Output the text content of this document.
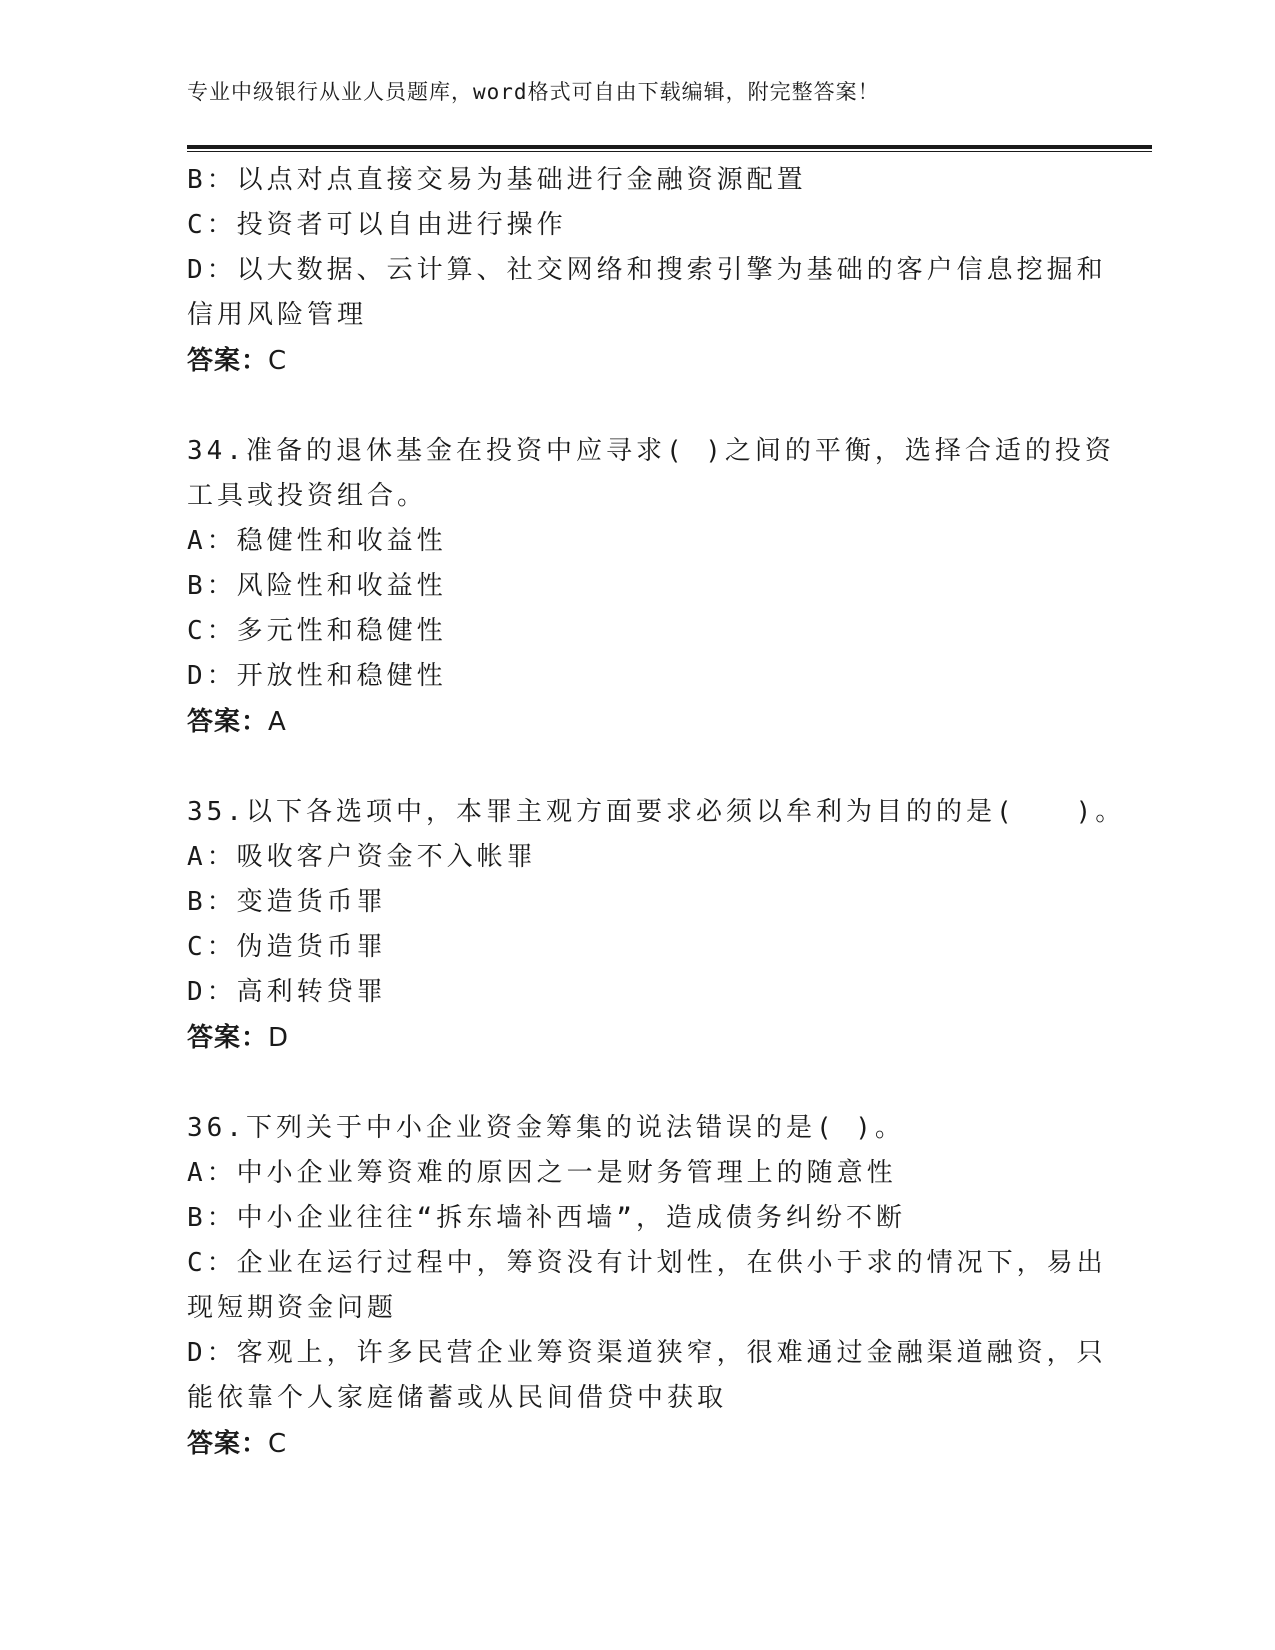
专业中级银行从业人员题库，word格式可自由下载编辑，附完整答案！
B：以点对点直接交易为基础进行金融资源配置
C：投资者可以自由进行操作
D：以大数据、云计算、社交网络和搜索引擎为基础的客户信息挖掘和
信用风险管理
答案：C
34.准备的退休基金在投资中应寻求( )之间的平衡，选择合适的投资
工具或投资组合。
A：稳健性和收益性
B：风险性和收益性
C：多元性和稳健性
D：开放性和稳健性
答案：A
35.以下各选项中，本罪主观方面要求必须以牟利为目的的是(　　)。
A：吸收客户资金不入帐罪
B：变造货币罪
C：伪造货币罪
D：高利转贷罪
答案：D
36.下列关于中小企业资金筹集的说法错误的是( )。
A：中小企业筹资难的原因之一是财务管理上的随意性
B：中小企业往往“拆东墙补西墙”，造成债务纠纷不断
C：企业在运行过程中，筹资没有计划性，在供小于求的情况下，易出
现短期资金问题
D：客观上，许多民营企业筹资渠道狭窄，很难通过金融渠道融资，只
能依靠个人家庭储蓄或从民间借贷中获取
答案：C
